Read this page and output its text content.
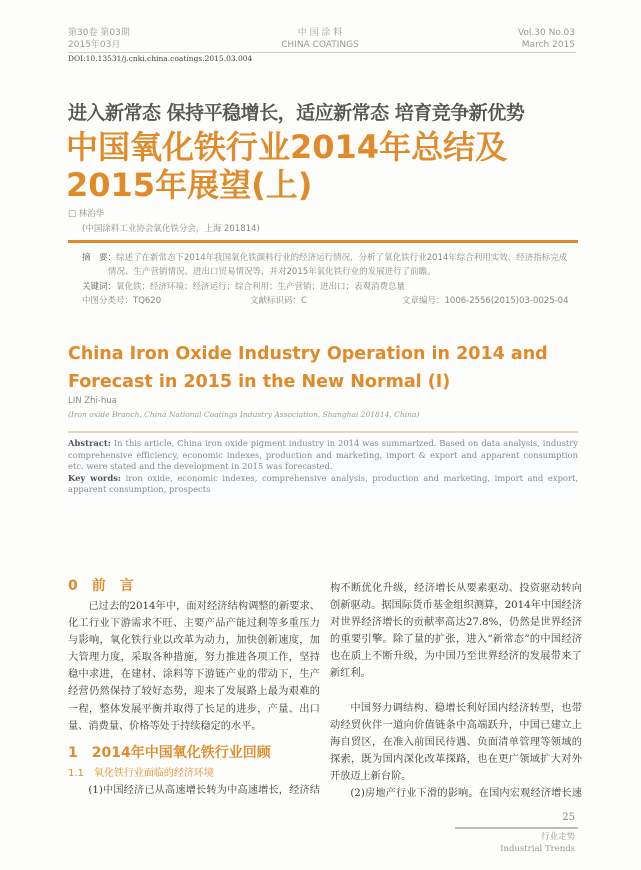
第30卷 第03期
2015年03月
中 国 涂 料
CHINA COATINGS
Vol.30 No.03
March 2015
DOI:10.13531/j.cnki.china.coatings.2015.03.004
进入新常态 保持平稳增长，适应新常态 培育竞争新优势
中国氧化铁行业2014年总结及
2015年展望(上)
□ 林治华
(中国涂料工业协会氧化铁分会，上海 201814)
摘　要：综述了在新常态下2014年我国氧化铁颜料行业的经济运行情况，分析了氧化铁行业2014年综合利用实效、经济指标完成情况、生产营销情况、进出口贸易情况等，并对2015年氧化铁行业的发展进行了前瞻。
关键词：氧化铁；经济环境；经济运行；综合利用；生产营销；进出口；表观消费总量
中图分类号：TQ620	文献标识码：C	文章编号：1006-2556(2015)03-0025-04
China Iron Oxide Industry Operation in 2014 and Forecast in 2015 in the New Normal (I)
LIN Zhi-hua
(Iron oxide Branch, China National Coatings Industry Association, Shanghai 201814, China)
Abstract: In this article, China iron oxide pigment industry in 2014 was summarized. Based on data analysis, industry comprehensive efficiency, economic indexes, production and marketing, import & export and apparent consumption etc. were stated and the development in 2015 was forecasted.
Key words: iron oxide, economic indexes, comprehensive analysis, production and marketing, import and export, apparent consumption, prospects

0　前　言

已过去的2014年中，面对经济结构调整的新要求、化工行业下游需求不旺、主要产品产能过剩等多重压力与影响，氧化铁行业以改革为动力，加快创新速度，加大管理力度，采取各种措施，努力推进各项工作，坚持稳中求进，在建材、涂料等下游链产业的带动下，生产经营仍然保持了较好态势，迎来了发展路上最为艰难的一程，整体发展平衡并取得了长足的进步，产量、出口量、消费量、价格等处于持续稳定的水平。

1　2014年中国氧化铁行业回顾

1.1　氧化铁行业面临的经济环境

(1)中国经济已从高速增长转为中高速增长，经济结

构不断优化升级，经济增长从要素驱动、投资驱动转向创新驱动。据国际货币基金组织测算，2014年中国经济对世界经济增长的贡献率高达27.8%，仍然是世界经济的重要引擎。除了量的扩张，进入“新常态”的中国经济也在质上不断升级，为中国乃至世界经济的发展带来了新红利。

中国努力调结构、稳增长利好国内经济转型，也带动经贸伙伴一道向价值链条中高端跃升，中国已建立上海自贸区，在准入前国民待遇、负面清单管理等领域的探索，既为国内深化改革探路，也在更广领域扩大对外开放迈上新台阶。

(2)房地产行业下滑的影响。在国内宏观经济增长速

25
行业走势
Industrial Trends
